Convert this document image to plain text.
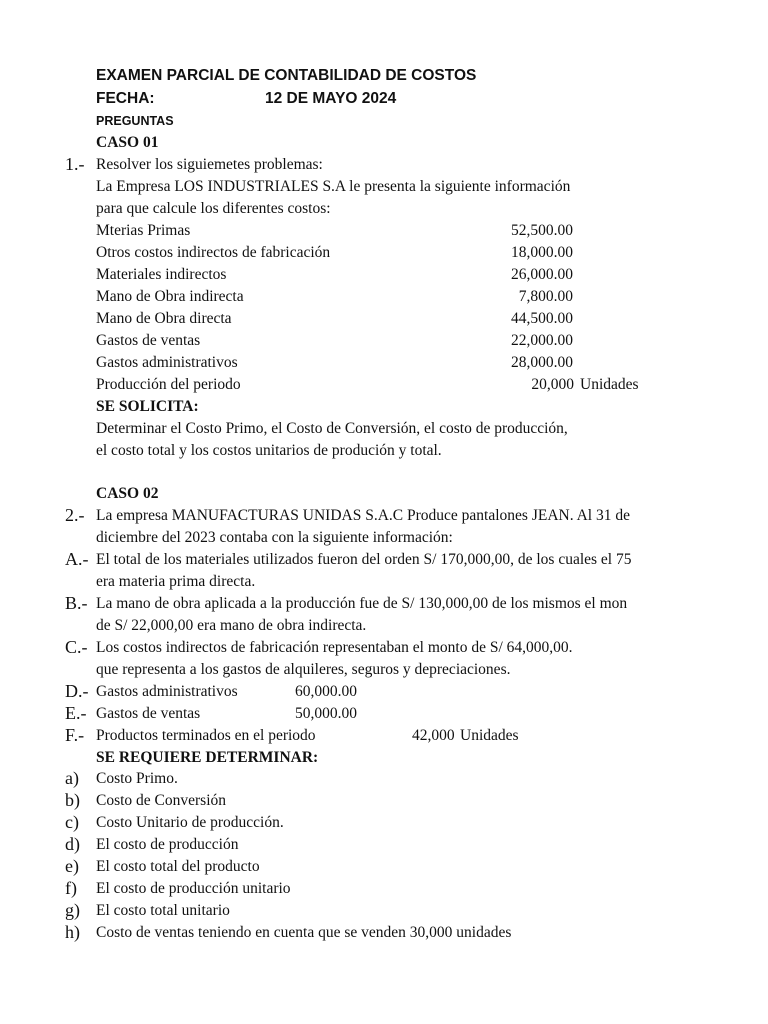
EXAMEN PARCIAL DE CONTABILIDAD DE COSTOS
FECHA:	12 DE MAYO 2024
PREGUNTAS
CASO 01
1.- Resolver los siguiemetes problemas:
La Empresa LOS INDUSTRIALES S.A le presenta la siguiente información
para que calcule los diferentes costos:
Mterias Primas	52,500.00
Otros costos indirectos de fabricación	18,000.00
Materiales indirectos	26,000.00
Mano de Obra indirecta	7,800.00
Mano de Obra directa	44,500.00
Gastos de ventas	22,000.00
Gastos administrativos	28,000.00
Producción del periodo	20,000 Unidades
SE SOLICITA:
Determinar el Costo Primo, el Costo de Conversión, el costo de producción,
el costo total y los costos unitarios de produción y total.
CASO 02
2.- La empresa MANUFACTURAS UNIDAS S.A.C Produce pantalones JEAN. Al 31 de
diciembre del 2023 contaba con la siguiente información:
A.- El total de los materiales utilizados fueron del orden S/ 170,000,00, de los cuales el 75
era materia prima directa.
B.- La mano de obra aplicada a la producción fue de S/ 130,000,00 de los mismos el mon
de S/ 22,000,00 era mano de obra indirecta.
C.- Los costos indirectos de fabricación representaban el monto de S/ 64,000,00.
que representa a los gastos de alquileres, seguros y depreciaciones.
D.- Gastos administrativos	60,000.00
E.- Gastos de ventas	50,000.00
F.- Productos terminados en el periodo	42,000 Unidades
SE REQUIERE DETERMINAR:
a) Costo Primo.
b) Costo de Conversión
c) Costo Unitario de producción.
d) El costo de producción
e) El costo total del producto
f) El costo de producción unitario
g) El costo total unitario
h) Costo de ventas teniendo en cuenta que se venden 30,000 unidades
